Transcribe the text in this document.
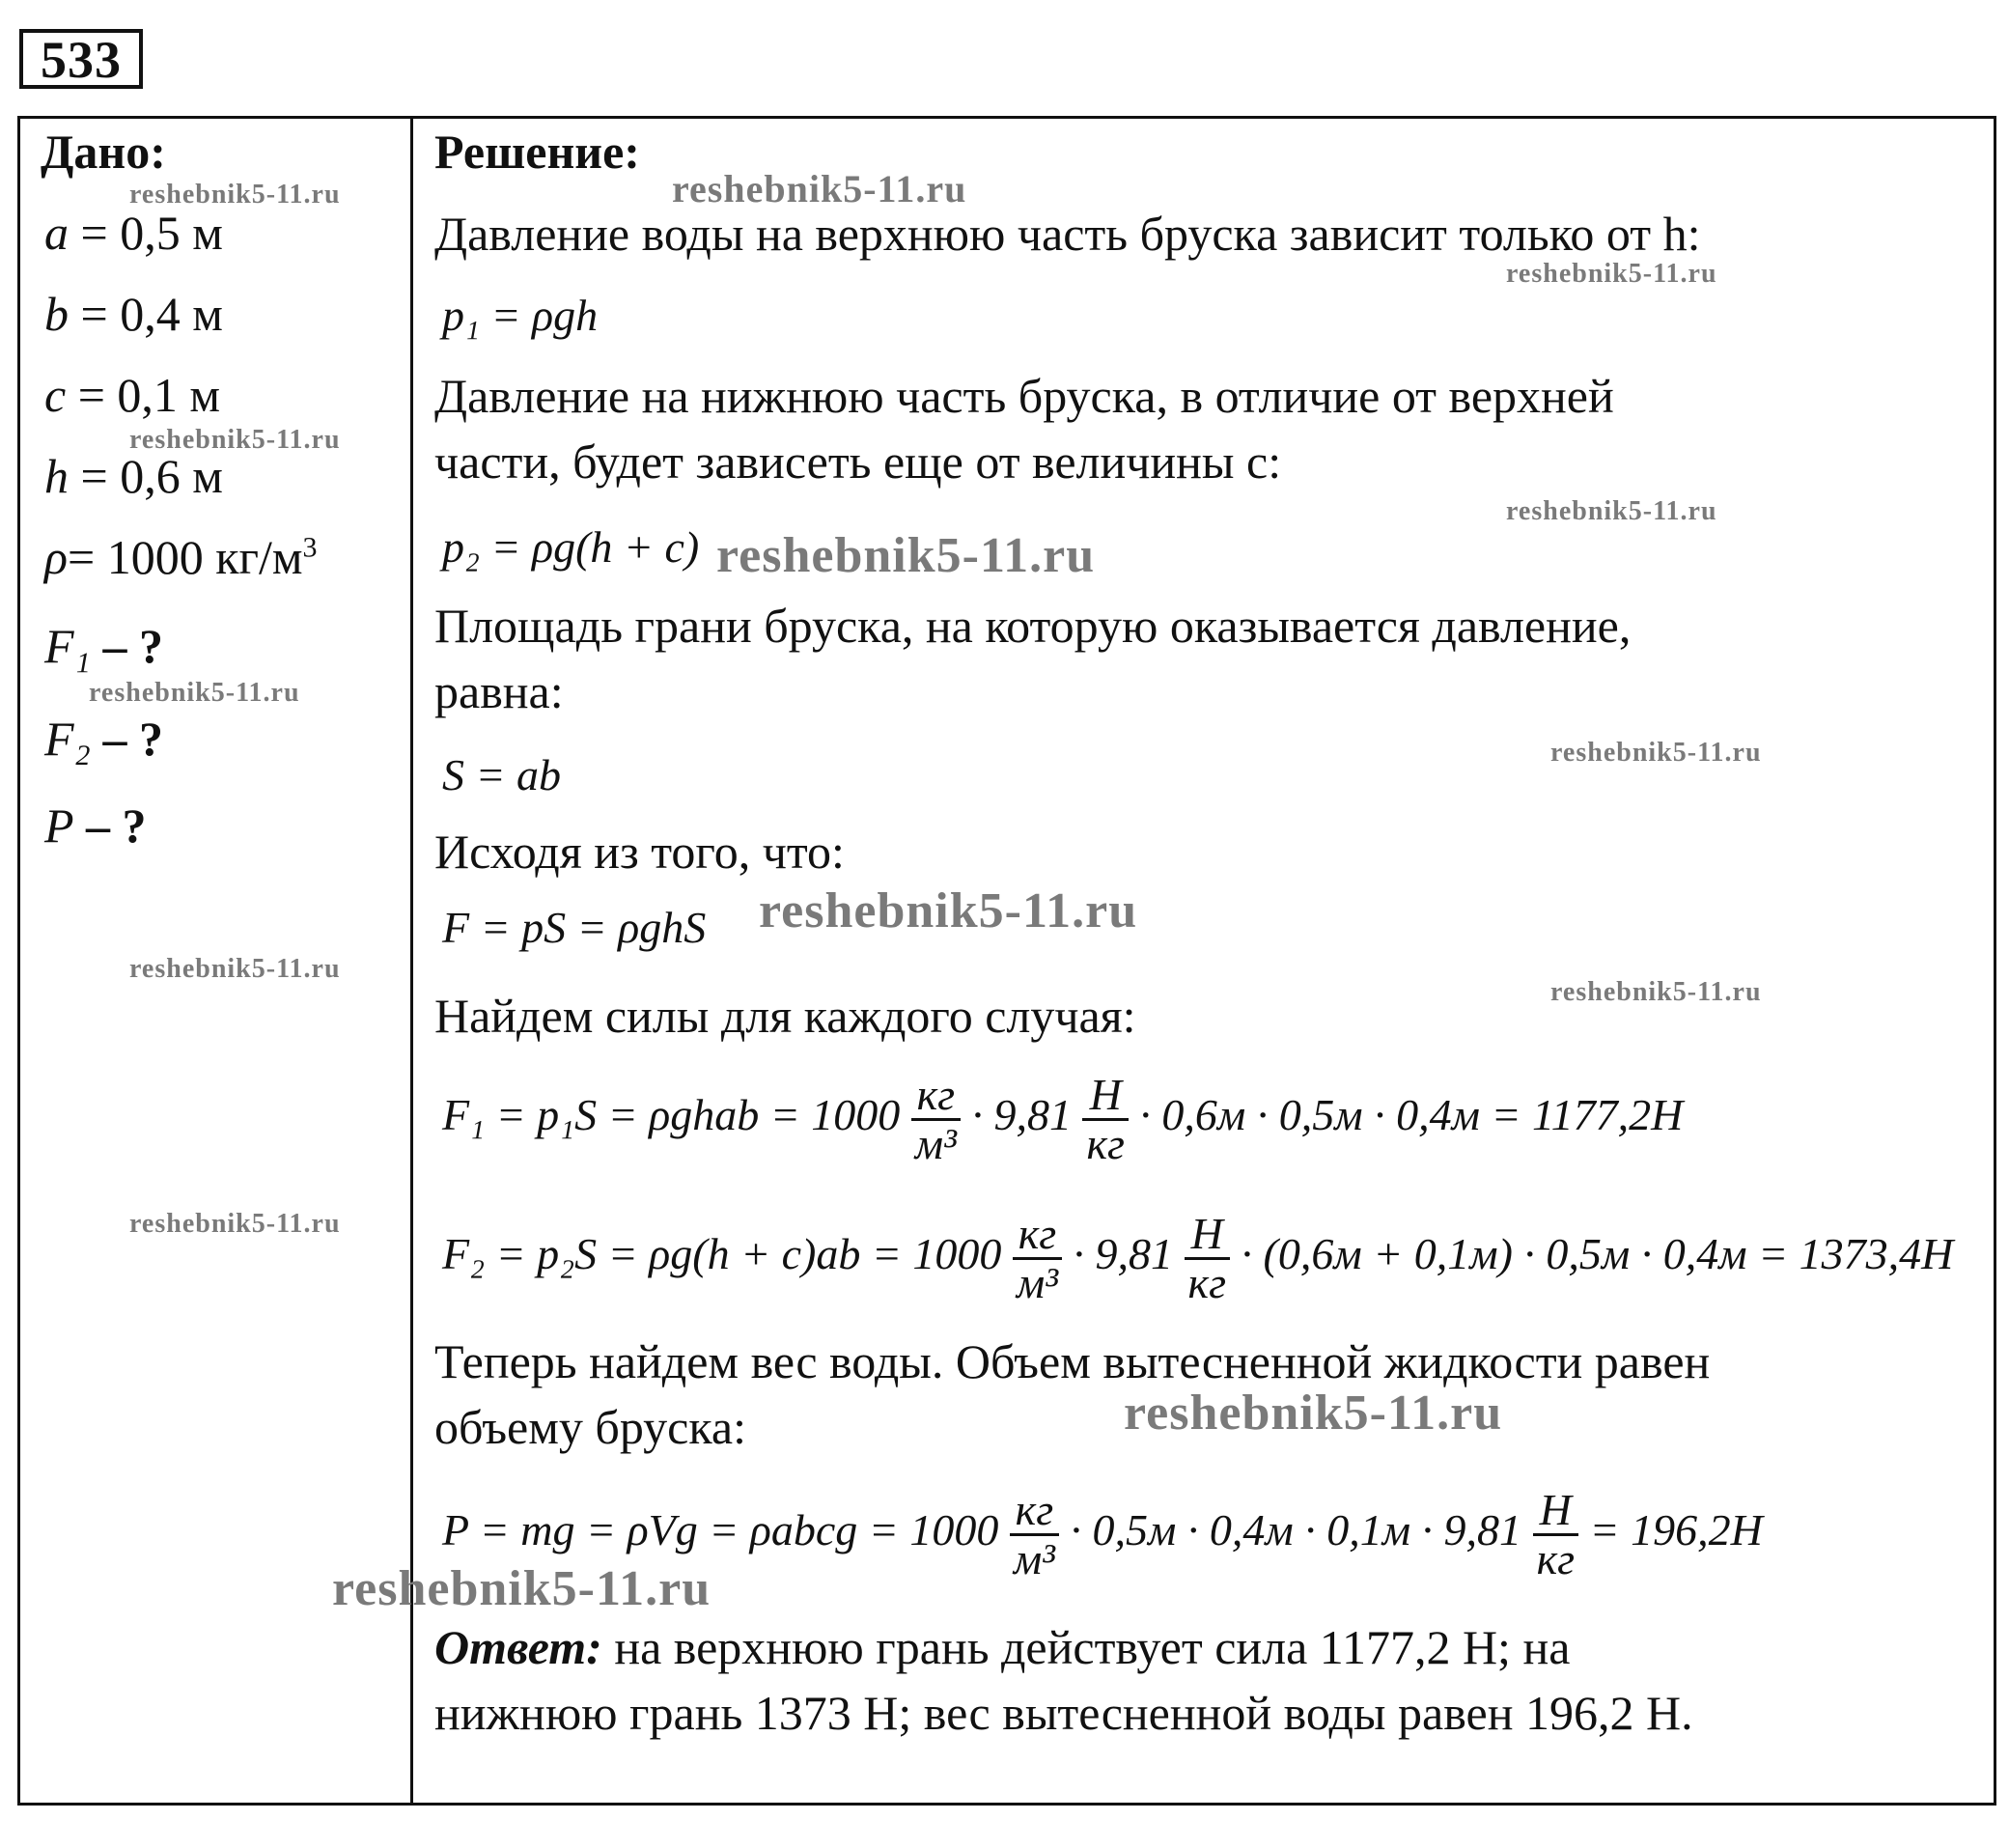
533
Дано:
a = 0,5 м
b = 0,4 м
c = 0,1 м
h = 0,6 м
ρ= 1000 $кг/м^3$
F₁ – ?
F₂ – ?
P – ?
Решение:
Давление воды на верхнюю часть бруска зависит только от h:
p₁ = ρgh
Давление на нижнюю часть бруска, в отличие от верхней
части, будет зависеть еще от величины с:
p₂ = ρg(h + c)
Площадь грани бруска, на которую оказывается давление,
равна:
S = ab
Исходя из того, что:
F = pS = ρghS
Найдем силы для каждого случая:
F₁ = p₁S = ρghab = $1000 \frac{кг}{\text{м³}} \cdot 9,81 \frac{Н}{кг} \cdot 0,6м \cdot 0,5м \cdot 0,4м = 1177,2Н$
$F_2 = p_2S = \rho g(h + c)ab = 1000 \frac{кг}{\text{м³}} \cdot 9,81 \frac{Н}{кг} \cdot (0,6м + 0,1м) \cdot 0,5м \cdot 0,4м = 1373,4Н$
Теперь найдем вес воды. Объем вытесненной жидкости равен
объему бруска:
P = mg = ρVg = ρabcg = $1000 \frac{кг}{\text{м³}} \cdot 0,5м \cdot 0,4м \cdot 0,1м \cdot 9,81 \frac{Н}{кг} = 196,2Н$
Ответ: на верхнюю грань действует сила 1177,2 Н; на
нижнюю грань 1373 Н; вес вытесненной воды равен 196,2 Н.
reshebnik5-11.ru	reshebnik5-11.ru
reshebnik5-11.ru
reshebnik5-11.ru
reshebnik5-11.ru
reshebnik5-11.ru
reshebnik5-11.ru
reshebnik5-11.ru
reshebnik5-11.ru
reshebnik5-11.ru
reshebnik5-11.ru
reshebnik5-11.ru
reshebnik5-11.ru
reshebnik5-11.ru
